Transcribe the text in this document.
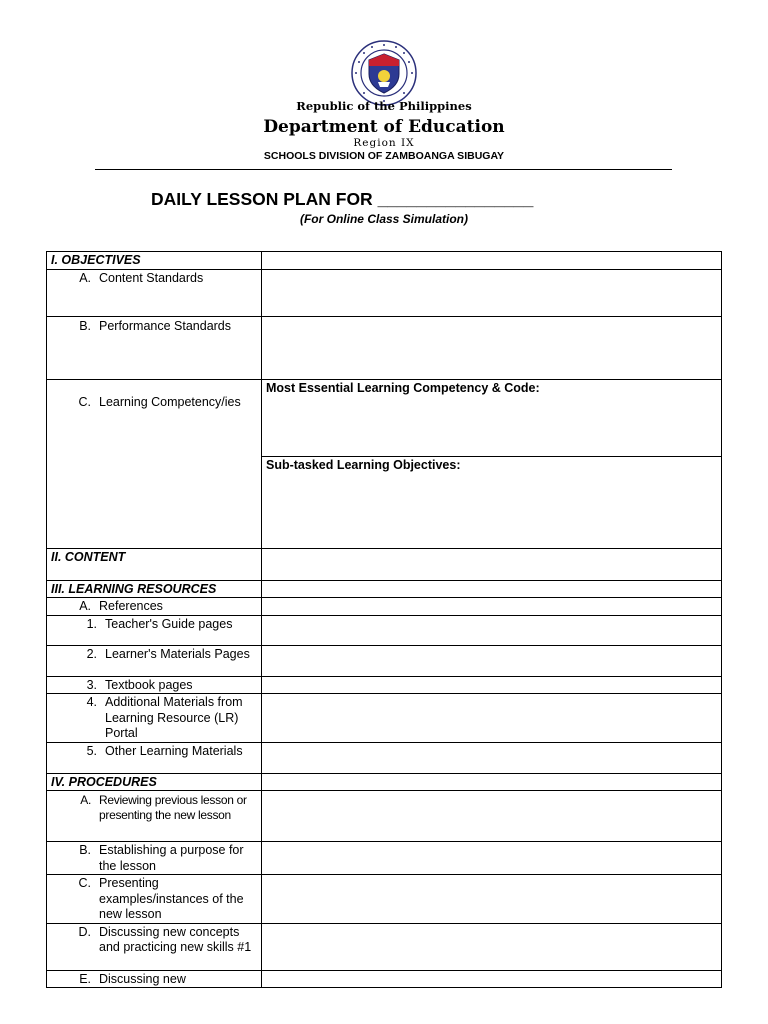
Republic of the Philippines
Department of Education
Region IX
SCHOOLS DIVISION OF ZAMBOANGA SIBUGAY
DAILY LESSON PLAN FOR ________________
(For Online Class Simulation)
I. OBJECTIVES	

A. Content Standards	

B. Performance Standards	

C. Learning Competency/ies	Most Essential Learning Competency & Code:
	Sub-tasked Learning Objectives:
II. CONTENT	
III. LEARNING RESOURCES	

A. References	

1. Teacher's Guide pages	

2. Learner's Materials Pages	

3. Textbook pages	

4. Additional Materials from Learning Resource (LR) Portal	

5. Other Learning Materials	

IV. PROCEDURES	

A. Reviewing previous lesson or presenting the new lesson	

B. Establishing a purpose for the lesson	

C. Presenting examples/instances of the new lesson	

D. Discussing new concepts and practicing new skills #1	

E. Discussing new	
